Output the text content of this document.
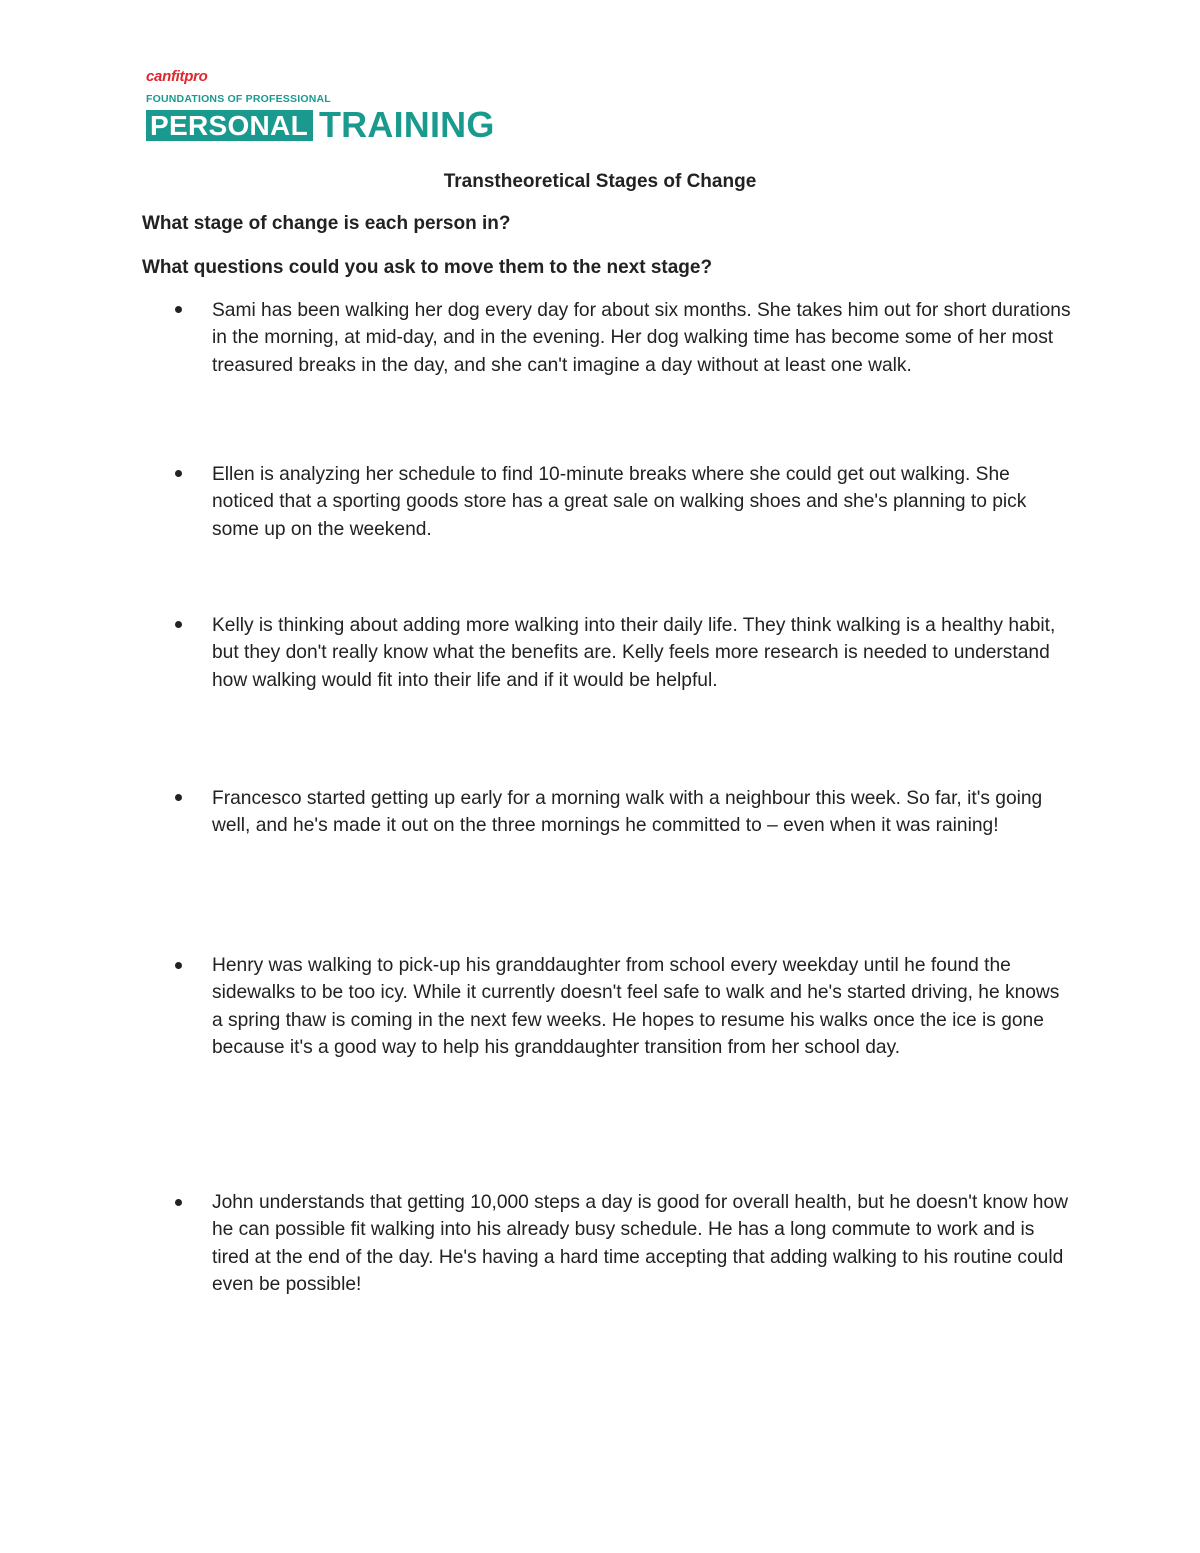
canfitpro
FOUNDATIONS OF PROFESSIONAL
PERSONAL TRAINING
Transtheoretical Stages of Change
What stage of change is each person in?
What questions could you ask to move them to the next stage?
Sami has been walking her dog every day for about six months. She takes him out for short durations in the morning, at mid-day, and in the evening. Her dog walking time has become some of her most treasured breaks in the day, and she can't imagine a day without at least one walk.
Ellen is analyzing her schedule to find 10-minute breaks where she could get out walking. She noticed that a sporting goods store has a great sale on walking shoes and she's planning to pick some up on the weekend.
Kelly is thinking about adding more walking into their daily life. They think walking is a healthy habit, but they don't really know what the benefits are. Kelly feels more research is needed to understand how walking would fit into their life and if it would be helpful.
Francesco started getting up early for a morning walk with a neighbour this week. So far, it's going well, and he's made it out on the three mornings he committed to – even when it was raining!
Henry was walking to pick-up his granddaughter from school every weekday until he found the sidewalks to be too icy. While it currently doesn't feel safe to walk and he's started driving, he knows a spring thaw is coming in the next few weeks. He hopes to resume his walks once the ice is gone because it's a good way to help his granddaughter transition from her school day.
John understands that getting 10,000 steps a day is good for overall health, but he doesn't know how he can possible fit walking into his already busy schedule. He has a long commute to work and is tired at the end of the day. He's having a hard time accepting that adding walking to his routine could even be possible!
